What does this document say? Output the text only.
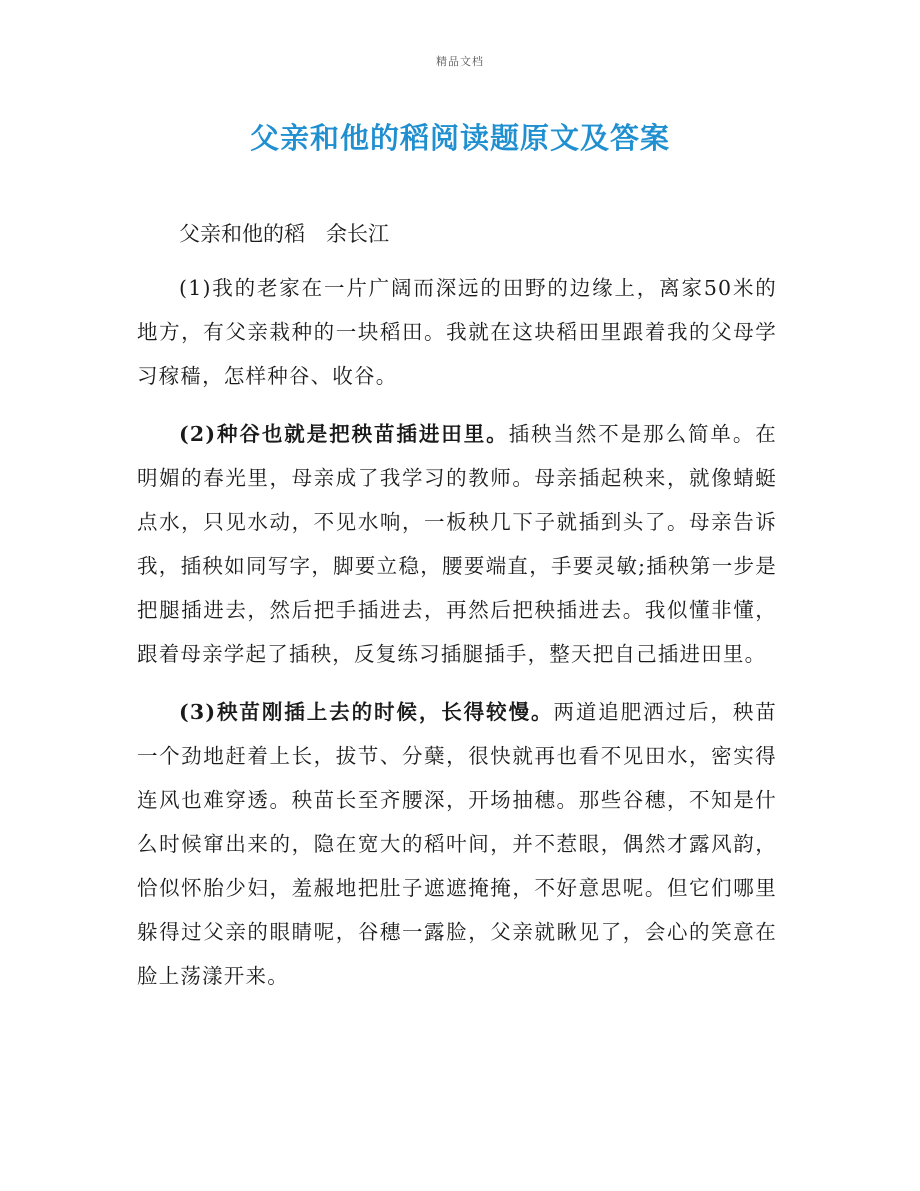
精品文档
父亲和他的稻阅读题原文及答案

父亲和他的稻　余长江

(1)我的老家在一片广阔而深远的田野的边缘上，离家50米的地方，有父亲栽种的一块稻田。我就在这块稻田里跟着我的父母学习稼穑，怎样种谷、收谷。

(2)种谷也就是把秧苗插进田里。插秧当然不是那么简单。在明媚的春光里，母亲成了我学习的教师。母亲插起秧来，就像蜻蜓点水，只见水动，不见水响，一板秧几下子就插到头了。母亲告诉我，插秧如同写字，脚要立稳，腰要端直，手要灵敏;插秧第一步是把腿插进去，然后把手插进去，再然后把秧插进去。我似懂非懂，跟着母亲学起了插秧，反复练习插腿插手，整天把自己插进田里。

(3)秧苗刚插上去的时候，长得较慢。两道追肥洒过后，秧苗一个劲地赶着上长，拔节、分蘖，很快就再也看不见田水，密实得连风也难穿透。秧苗长至齐腰深，开场抽穗。那些谷穗，不知是什么时候窜出来的，隐在宽大的稻叶间，并不惹眼，偶然才露风韵，恰似怀胎少妇，羞赧地把肚子遮遮掩掩，不好意思呢。但它们哪里躲得过父亲的眼睛呢，谷穗一露脸，父亲就瞅见了，会心的笑意在脸上荡漾开来。
